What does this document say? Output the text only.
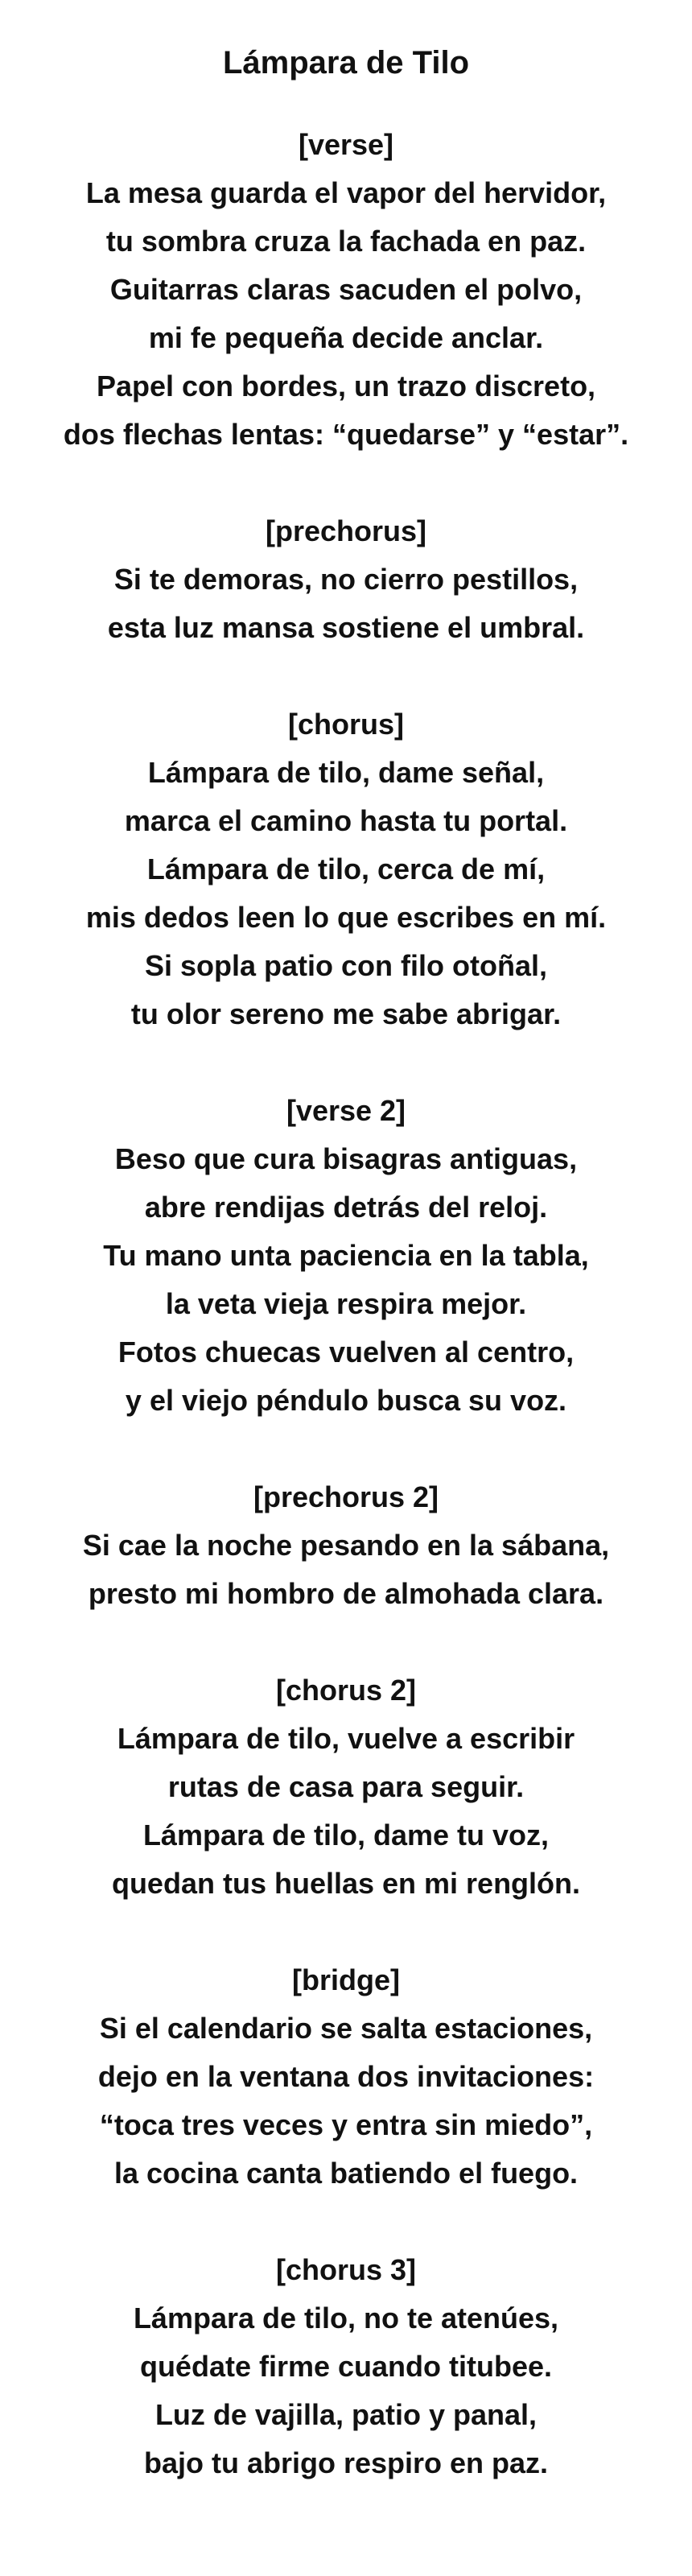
Lámpara de Tilo
[verse]
La mesa guarda el vapor del hervidor,
tu sombra cruza la fachada en paz.
Guitarras claras sacuden el polvo,
mi fe pequeña decide anclar.
Papel con bordes, un trazo discreto,
dos flechas lentas: “quedarse” y “estar”.
[prechorus]
Si te demoras, no cierro pestillos,
esta luz mansa sostiene el umbral.
[chorus]
Lámpara de tilo, dame señal,
marca el camino hasta tu portal.
Lámpara de tilo, cerca de mí,
mis dedos leen lo que escribes en mí.
Si sopla patio con filo otoñal,
tu olor sereno me sabe abrigar.
[verse 2]
Beso que cura bisagras antiguas,
abre rendijas detrás del reloj.
Tu mano unta paciencia en la tabla,
la veta vieja respira mejor.
Fotos chuecas vuelven al centro,
y el viejo péndulo busca su voz.
[prechorus 2]
Si cae la noche pesando en la sábana,
presto mi hombro de almohada clara.
[chorus 2]
Lámpara de tilo, vuelve a escribir
rutas de casa para seguir.
Lámpara de tilo, dame tu voz,
quedan tus huellas en mi renglón.
[bridge]
Si el calendario se salta estaciones,
dejo en la ventana dos invitaciones:
“toca tres veces y entra sin miedo”,
la cocina canta batiendo el fuego.
[chorus 3]
Lámpara de tilo, no te atenúes,
quédate firme cuando titubee.
Luz de vajilla, patio y panal,
bajo tu abrigo respiro en paz.
